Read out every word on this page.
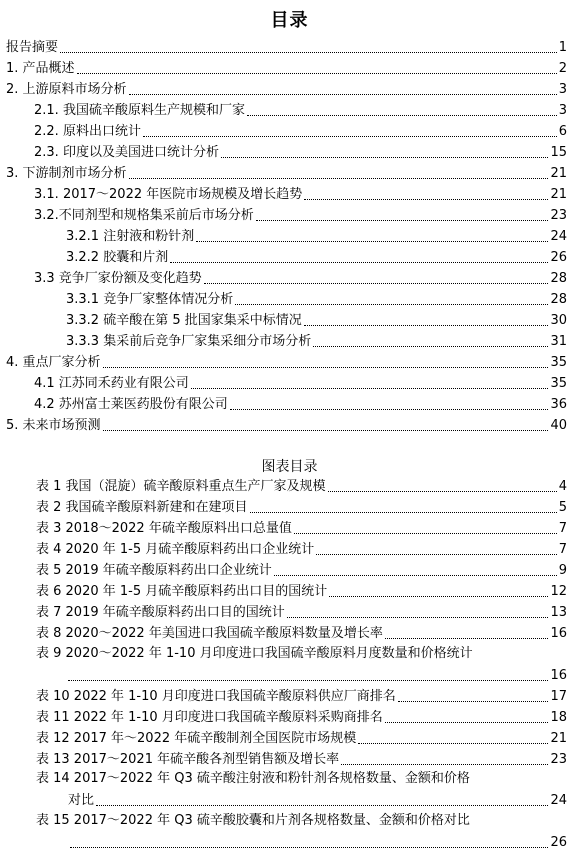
目录
报告摘要	1
1. 产品概述	2
2. 上游原料市场分析	3
2.1. 我国硫辛酸原料生产规模和厂家	3
2.2. 原料出口统计	6
2.3. 印度以及美国进口统计分析	15
3. 下游制剂市场分析	21
3.1. 2017～2022 年医院市场规模及增长趋势	21
3.2.不同剂型和规格集采前后市场分析	23
3.2.1 注射液和粉针剂	24
3.2.2 胶囊和片剂	26
3.3 竞争厂家份额及变化趋势	28
3.3.1 竞争厂家整体情况分析	28
3.3.2 硫辛酸在第 5 批国家集采中标情况	30
3.3.3 集采前后竞争厂家集采细分市场分析	31
4. 重点厂家分析	35
4.1 江苏同禾药业有限公司	35
4.2 苏州富士莱医药股份有限公司	36
5. 未来市场预测	40
图表目录
表 1 我国（混旋）硫辛酸原料重点生产厂家及规模	4
表 2 我国硫辛酸原料新建和在建项目	5
表 3 2018～2022 年硫辛酸原料出口总量值	7
表 4 2020 年 1-5 月硫辛酸原料药出口企业统计	7
表 5 2019 年硫辛酸原料药出口企业统计	9
表 6 2020 年 1-5 月硫辛酸原料药出口目的国统计	12
表 7 2019 年硫辛酸原料药出口目的国统计	13
表 8 2020～2022 年美国进口我国硫辛酸原料数量及增长率	16
表 9 2020～2022 年 1-10 月印度进口我国硫辛酸原料月度数量和价格统计
16
表 10 2022 年 1-10 月印度进口我国硫辛酸原料供应厂商排名	17
表 11 2022 年 1-10 月印度进口我国硫辛酸原料采购商排名	18
表 12 2017 年～2022 年硫辛酸制剂全国医院市场规模	21
表 13 2017～2021 年硫辛酸各剂型销售额及增长率	23
表 14 2017～2022 年 Q3 硫辛酸注射液和粉针剂各规格数量、金额和价格
对比	24
表 15 2017～2022 年 Q3 硫辛酸胶囊和片剂各规格数量、金额和价格对比
26
